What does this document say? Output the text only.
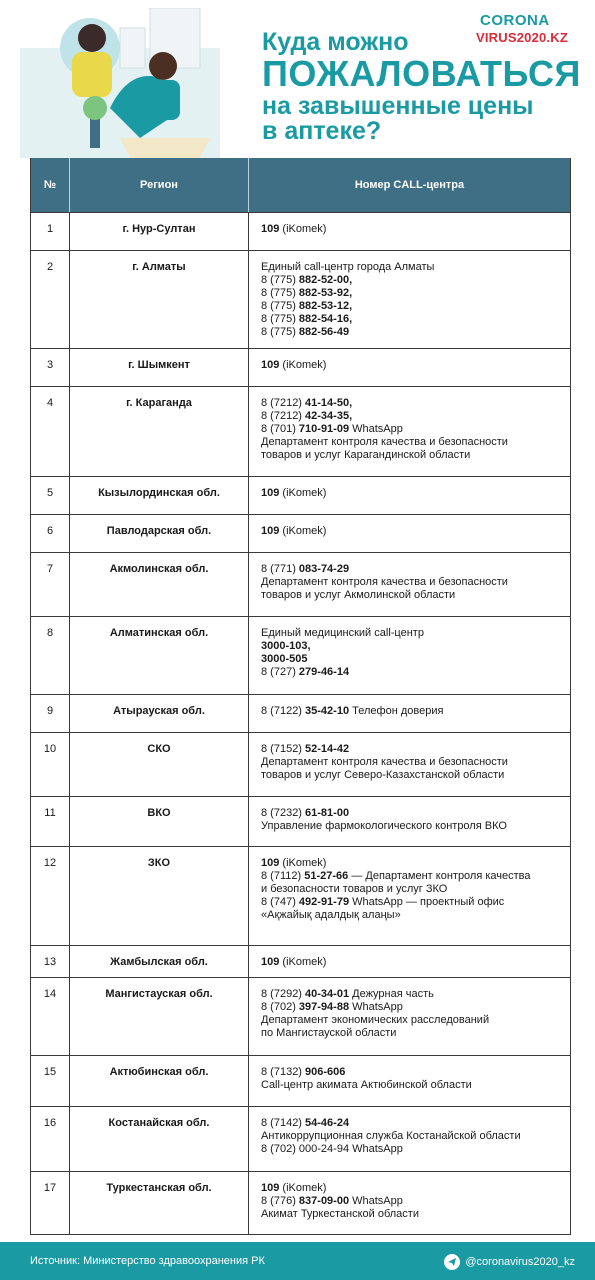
Куда можно
ПОЖАЛОВАТЬСЯ
на завышенные цены
в аптеке?
CORONA
VIRUS2020.KZ
№	Регион	Номер CALL-центра
1	г. Нур-Султан	109 (iKomek)
2	г. Алматы	Единый call-центр города Алматы
8 (775) 882-52-00,
8 (775) 882-53-92,
8 (775) 882-53-12,
8 (775) 882-54-16,
8 (775) 882-56-49
3	г. Шымкент	109 (iKomek)
4	г. Караганда	8 (7212) 41-14-50,
8 (7212) 42-34-35,
8 (701) 710-91-09 WhatsApp
Департамент контроля качества и безопасности
товаров и услуг Карагандинской области
5	Кызылординская обл.	109 (iKomek)
6	Павлодарская обл.	109 (iKomek)
7	Акмолинская обл.	8 (771) 083-74-29
Департамент контроля качества и безопасности
товаров и услуг Акмолинской области
8	Алматинская обл.	Единый медицинский call-центр
3000-103,
3000-505
8 (727) 279-46-14
9	Атырауская обл.	8 (7122) 35-42-10 Телефон доверия
10	СКО	8 (7152) 52-14-42
Департамент контроля качества и безопасности
товаров и услуг Северо-Казахстанской области
11	ВКО	8 (7232) 61-81-00
Управление фармокологического контроля ВКО
12	ЗКО	109 (iKomek)
8 (7112) 51-27-66 — Департамент контроля качества
и безопасности товаров и услуг ЗКО
8 (747) 492-91-79 WhatsApp — проектный офис
«Ақжайық адалдық алаңы»
13	Жамбылская обл.	109 (iKomek)
14	Мангистауская обл.	8 (7292) 40-34-01 Дежурная часть
8 (702) 397-94-88 WhatsApp
Департамент экономических расследований
по Мангистауской области
15	Актюбинская обл.	8 (7132) 906-606
Call-центр акимата Актюбинской области
16	Костанайская обл.	8 (7142) 54-46-24
Антикоррупционная служба Костанайской области
8 (702) 000-24-94 WhatsApp
17	Туркестанская обл.	109 (iKomek)
8 (776) 837-09-00 WhatsApp
Акимат Туркестанской области
Источник: Министерство здравоохранения РК	@coronavirus2020_kz
